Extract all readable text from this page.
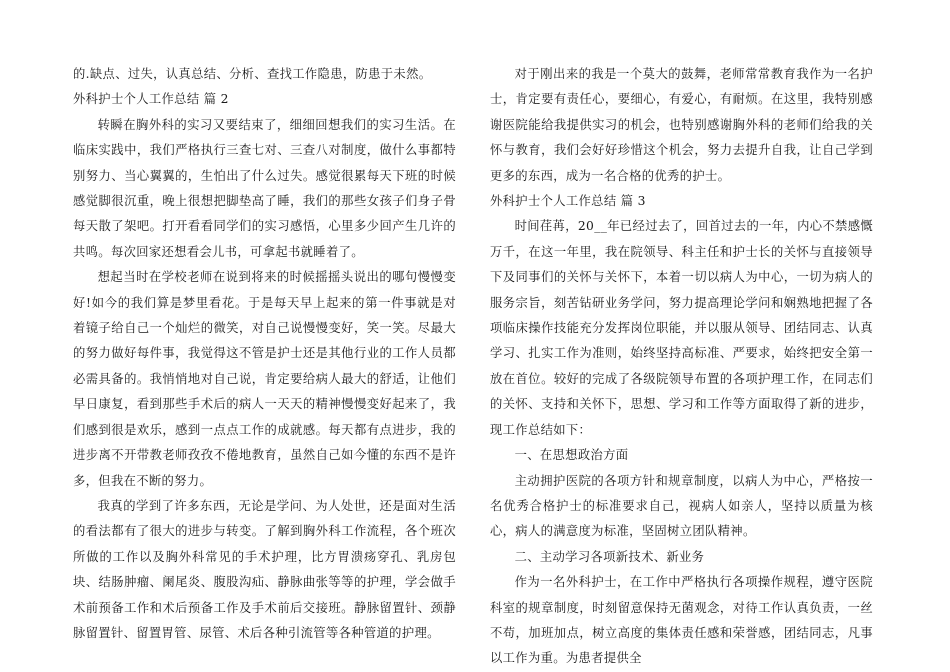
的.缺点、过失，认真总结、分析、查找工作隐患，防患于未然。

外科护士个人工作总结 篇 2

转瞬在胸外科的实习又要结束了，细细回想我们的实习生活。在临床实践中，我们严格执行三查七对、三查八对制度，做什么事都特别努力、当心翼翼的，生怕出了什么过失。感觉很累每天下班的时候感觉脚很沉重，晚上很想把脚垫高了睡，我们的那些女孩子们身子骨每天散了架吧。打开看看同学们的实习感悟，心里多少回产生几许的共鸣。每次回家还想看会儿书，可拿起书就睡着了。

想起当时在学校老师在说到将来的时候摇摇头说出的哪句慢慢变好!如今的我们算是梦里看花。于是每天早上起来的第一件事就是对着镜子给自己一个灿烂的微笑，对自己说慢慢变好，笑一笑。尽最大的努力做好每件事，我觉得这不管是护士还是其他行业的工作人员都必需具备的。我悄悄地对自己说，肯定要给病人最大的舒适，让他们早日康复，看到那些手术后的病人一天天的精神慢慢变好起来了，我们感到很是欢乐，感到一点点工作的成就感。每天都有点进步，我的进步离不开带教老师孜孜不倦地教育，虽然自己如今懂的东西不是许多，但我在不断的努力。

我真的学到了许多东西，无论是学问、为人处世，还是面对生活的看法都有了很大的进步与转变。了解到胸外科工作流程，各个班次所做的工作以及胸外科常见的手术护理，比方胃溃疡穿孔、乳房包块、结肠肿瘤、阑尾炎、腹股沟疝、静脉曲张等等的护理，学会做手术前预备工作和术后预备工作及手术前后交接班。静脉留置针、颈静脉留置针、留置胃管、尿管、术后各种引流管等各种管道的护理。

对于刚出来的我是一个莫大的鼓舞，老师常常教育我作为一名护士，肯定要有责任心，要细心，有爱心，有耐烦。在这里，我特别感谢医院能给我提供实习的机会，也特别感谢胸外科的老师们给我的关怀与教育，我们会好好珍惜这个机会，努力去提升自我，让自己学到更多的东西，成为一名合格的优秀的护士。

外科护士个人工作总结 篇 3

时间荏苒，20__年已经过去了，回首过去的一年，内心不禁感慨万千，在这一年里，我在院领导、科主任和护士长的关怀与直接领导下及同事们的关怀与关怀下，本着一切以病人为中心，一切为病人的服务宗旨，刻苦钻研业务学问，努力提高理论学问和娴熟地把握了各项临床操作技能充分发挥岗位职能，并以服从领导、团结同志、认真学习、扎实工作为准则，始终坚持高标准、严要求，始终把安全第一放在首位。较好的完成了各级院领导布置的各项护理工作，在同志们的关怀、支持和关怀下，思想、学习和工作等方面取得了新的进步，现工作总结如下：

一、在思想政治方面

主动拥护医院的各项方针和规章制度，以病人为中心，严格按一名优秀合格护士的标准要求自己，视病人如亲人，坚持以质量为核心，病人的满意度为标准，坚固树立团队精神。

二、主动学习各项新技术、新业务

作为一名外科护士，在工作中严格执行各项操作规程，遵守医院科室的规章制度，时刻留意保持无菌观念，对待工作认真负责，一丝不苟，加班加点，树立高度的集体责任感和荣誉感，团结同志，凡事以工作为重。为患者提供全
